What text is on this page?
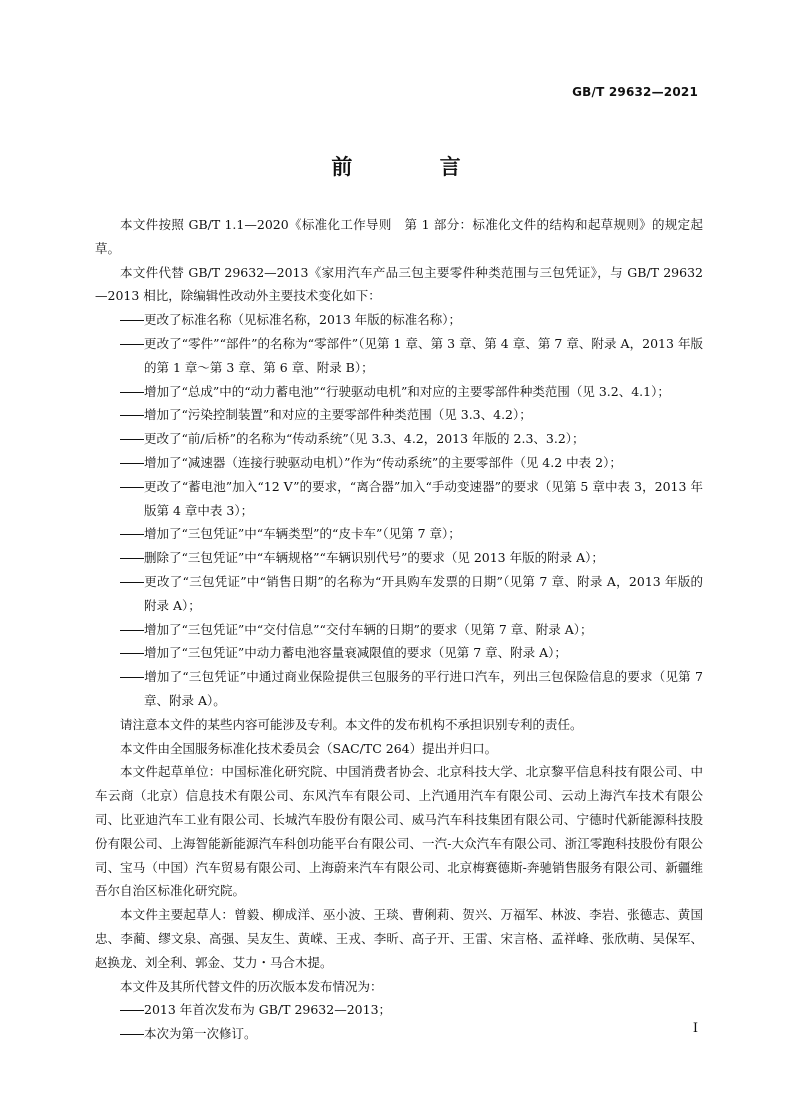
GB/T 29632—2021
前 言

本文件按照 GB/T 1.1—2020《标准化工作导则　第 1 部分：标准化文件的结构和起草规则》的规定起草。

本文件代替 GB/T 29632—2013《家用汽车产品三包主要零件种类范围与三包凭证》，与 GB/T 29632—2013 相比，除编辑性改动外主要技术变化如下：

更改了标准名称（见标准名称，2013 年版的标准名称）；

更改了“零件”“部件”的名称为“零部件”（见第 1 章、第 3 章、第 4 章、第 7 章、附录 A，2013 年版的第 1 章～第 3 章、第 6 章、附录 B）；

增加了“总成”中的“动力蓄电池”“行驶驱动电机”和对应的主要零部件种类范围（见 3.2、4.1）；

增加了“污染控制装置”和对应的主要零部件种类范围（见 3.3、4.2）；

更改了“前/后桥”的名称为“传动系统”（见 3.3、4.2，2013 年版的 2.3、3.2）；

增加了“减速器（连接行驶驱动电机）”作为“传动系统”的主要零部件（见 4.2 中表 2）；

更改了“蓄电池”加入“12 V”的要求，“离合器”加入“手动变速器”的要求（见第 5 章中表 3，2013 年版第 4 章中表 3）；

增加了“三包凭证”中“车辆类型”的“皮卡车”（见第 7 章）；

删除了“三包凭证”中“车辆规格”“车辆识别代号”的要求（见 2013 年版的附录 A）；

更改了“三包凭证”中“销售日期”的名称为“开具购车发票的日期”（见第 7 章、附录 A，2013 年版的附录 A）；

增加了“三包凭证”中“交付信息”“交付车辆的日期”的要求（见第 7 章、附录 A）；

增加了“三包凭证”中动力蓄电池容量衰减限值的要求（见第 7 章、附录 A）；

增加了“三包凭证”中通过商业保险提供三包服务的平行进口汽车，列出三包保险信息的要求（见第 7 章、附录 A）。

请注意本文件的某些内容可能涉及专利。本文件的发布机构不承担识别专利的责任。

本文件由全国服务标准化技术委员会（SAC/TC 264）提出并归口。

本文件起草单位：中国标准化研究院、中国消费者协会、北京科技大学、北京黎平信息科技有限公司、中车云商（北京）信息技术有限公司、东风汽车有限公司、上汽通用汽车有限公司、云动上海汽车技术有限公司、比亚迪汽车工业有限公司、长城汽车股份有限公司、威马汽车科技集团有限公司、宁德时代新能源科技股份有限公司、上海智能新能源汽车科创功能平台有限公司、一汽-大众汽车有限公司、浙江零跑科技股份有限公司、宝马（中国）汽车贸易有限公司、上海蔚来汽车有限公司、北京梅赛德斯-奔驰销售服务有限公司、新疆维吾尔自治区标准化研究院。

本文件主要起草人：曾毅、柳成洋、巫小波、王琰、曹俐莉、贺兴、万福军、林波、李岩、张德志、黄国忠、李蔺、缪文泉、高强、吴友生、黄嵘、王戎、李昕、高子开、王雷、宋言格、孟祥峰、张欣萌、吴保军、赵换龙、刘全利、郭金、艾力・马合木提。

本文件及其所代替文件的历次版本发布情况为：

2013 年首次发布为 GB/T 29632—2013；

本次为第一次修订。	I
